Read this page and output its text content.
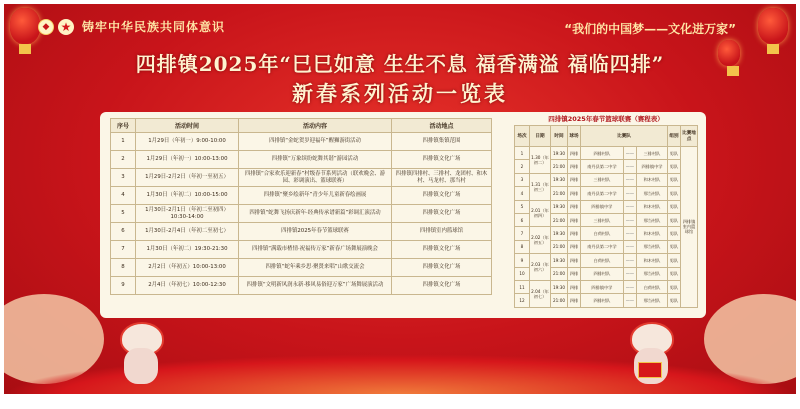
◆ ★ 铸牢中华民族共同体意识	“我们的中国梦——文化进万家”
四排镇2025年“巳巳如意 生生不息 福香满溢 福临四排”
新春系列活动一览表
序号	活动时间	活动内容	活动地点
1	1月29日（年初一）9:00-10:00	四排镇“金蛇贺岁迎福年”醒狮游街活动	四排镇集镇范围
2	1月29日（年初一）10:00-13:00	四排镇“万象缤纷蛇舞其谐”游园活动	四排镇文化广场
3	1月29日-2月2日（年初一至初五）	四排镇“合家欢乐迎新春”村级春节系列活动（联欢晚会、游园、彩调演出、篮球联赛）	四排镇四排村、三排村、龙团村、和木村、马龙村、那当村
4	1月30日（年初二）10:00-15:00	四排镇“聚乡绘新年”青少年儿童新春绘画展	四排镇文化广场
5	1月30日-2月1日（年初二至初四）10:30-14:00	四排镇“蛇舞飞扬庆新年·经典传承谱新篇”彩调汇演活动	四排镇文化广场
6	1月30日-2月4日（年初二至初七）	四排镇2025年春节篮球联赛	四排镇室内篮球馆
7	1月30日（年初二）19:30-21:30	四排镇“满载市楂情·祝福传万家”新春广场舞展演晚会	四排镇文化广场
8	2月2日（年初五）10:00-13:00	四排镇“蛇年乘乡思·聚贤来唱”山歌交流会	四排镇文化广场
9	2月4日（年初七）10:00-12:30	四排镇“文明新风润永新·移风易俗迎万家”广场舞展演活动	四排镇文化广场
四排镇2025年春节篮球联赛（赛程表）
场次	日期	时间	球场	比赛队			组别	比赛地点
1	1.30（年初二）	19:30	四排	四排村队	——	三排村队	男队	四排镇室内篮球馆
2		21:00	四排	南丹县第二中学	——	四排镇中学	男队	
3	1.31（年初三）	19:30	四排	三排村队	——	和木村队	男队	
4		21:00	四排	南丹县第二中学	——	那当村队	男队	
5	2.01（年初四）	19:30	四排	四排镇中学	——	和木村队	男队	
6		21:00	四排	三排村队	——	那当村队	男队	
7	2.02（年初五）	19:30	四排	白荷村队	——	和木村队	男队	
8		21:00	四排	南丹县第二中学	——	那当村队	男队	
9	2.03（年初六）	19:30	四排	白荷村队	——	和木村队	男队	
10		21:00	四排	四排村队	——	那当村队	男队	
11	2.04（年初七）	19:30	四排	四排镇中学	——	白荷村队	男队	
12		21:00	四排	四排村队	——	那当村队	男队	
